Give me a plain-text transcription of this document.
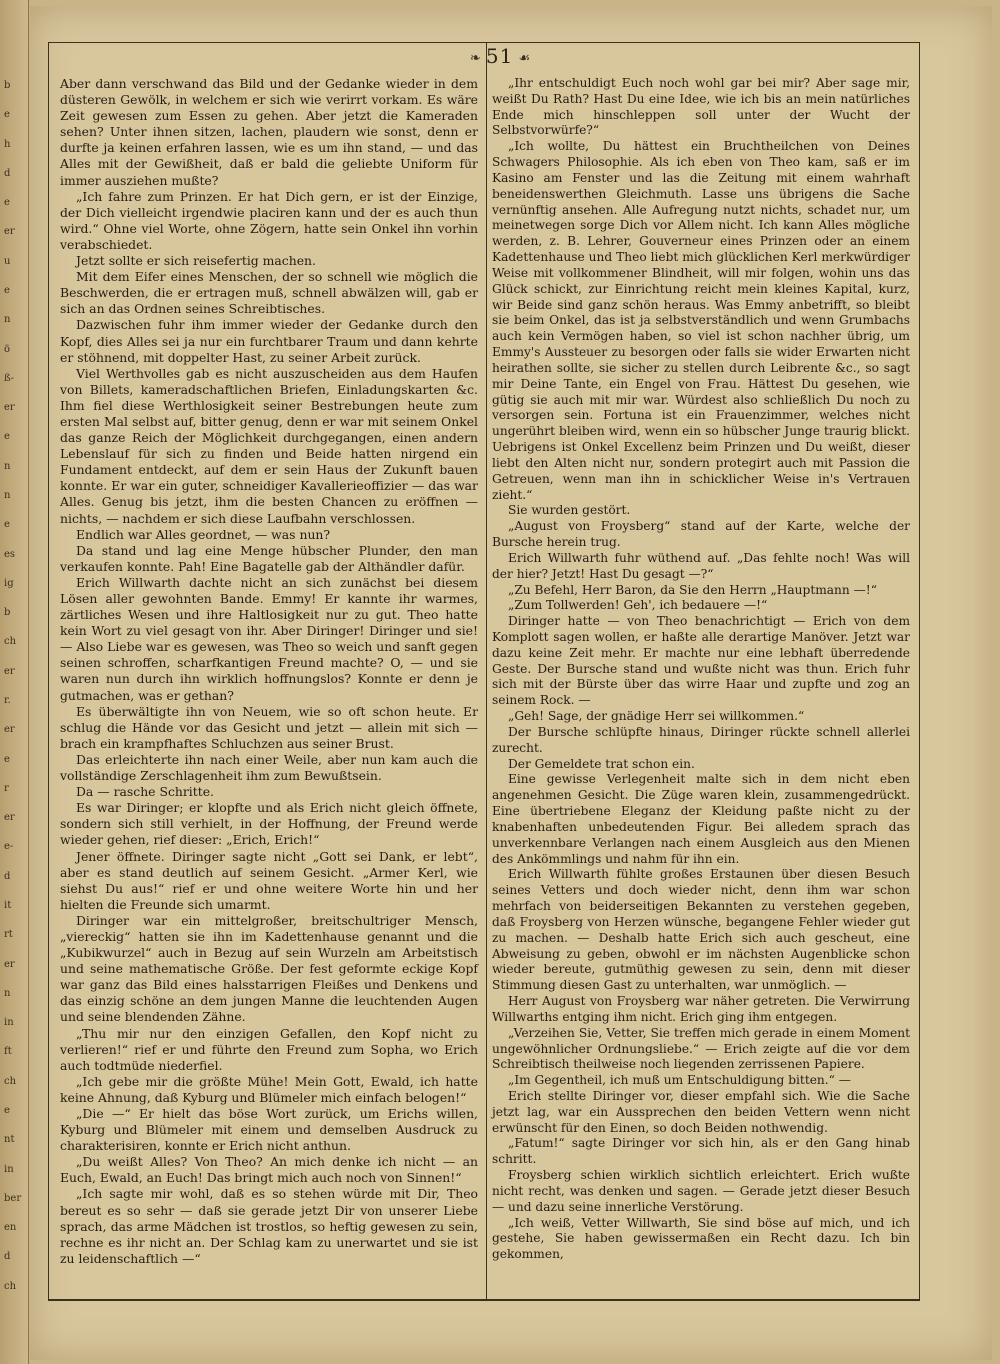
b
e
h
d
e
er
u
e
n
ö
ß-
er
e
n
n
e
es
ig
b
ch
er
r.
er
e
r
er
e-
d
it
rt
er
n
in
ft
ch
e
nt
in
ber
en
d
ch
❧ 51 ☙

Aber dann verschwand das Bild und der Gedanke wieder in dem düsteren Gewölk, in welchem er sich wie verirrt vorkam. Es wäre Zeit gewesen zum Essen zu gehen. Aber jetzt die Kameraden sehen? Unter ihnen sitzen, lachen, plaudern wie sonst, denn er durfte ja keinen erfahren lassen, wie es um ihn stand, — und das Alles mit der Gewißheit, daß er bald die geliebte Uniform für immer ausziehen mußte?

„Ich fahre zum Prinzen. Er hat Dich gern, er ist der Einzige, der Dich vielleicht irgendwie placiren kann und der es auch thun wird.“ Ohne viel Worte, ohne Zögern, hatte sein Onkel ihn vorhin verabschiedet.

Jetzt sollte er sich reisefertig machen.

Mit dem Eifer eines Menschen, der so schnell wie möglich die Beschwerden, die er ertragen muß, schnell abwälzen will, gab er sich an das Ordnen seines Schreibtisches.

Dazwischen fuhr ihm immer wieder der Gedanke durch den Kopf, dies Alles sei ja nur ein furchtbarer Traum und dann kehrte er stöhnend, mit doppelter Hast, zu seiner Arbeit zurück.

Viel Werthvolles gab es nicht auszuscheiden aus dem Haufen von Billets, kameradschaftlichen Briefen, Einladungskarten &c. Ihm fiel diese Werthlosigkeit seiner Bestrebungen heute zum ersten Mal selbst auf, bitter genug, denn er war mit seinem Onkel das ganze Reich der Möglichkeit durchgegangen, einen andern Lebenslauf für sich zu finden und Beide hatten nirgend ein Fundament entdeckt, auf dem er sein Haus der Zukunft bauen konnte. Er war ein guter, schneidiger Kavallerieoffizier — das war Alles. Genug bis jetzt, ihm die besten Chancen zu eröffnen — nichts, — nachdem er sich diese Laufbahn verschlossen.

Endlich war Alles geordnet, — was nun?

Da stand und lag eine Menge hübscher Plunder, den man verkaufen konnte. Pah! Eine Bagatelle gab der Althändler dafür.

Erich Willwarth dachte nicht an sich zunächst bei diesem Lösen aller gewohnten Bande. Emmy! Er kannte ihr warmes, zärtliches Wesen und ihre Haltlosigkeit nur zu gut. Theo hatte kein Wort zu viel gesagt von ihr. Aber Diringer! Diringer und sie! — Also Liebe war es gewesen, was Theo so weich und sanft gegen seinen schroffen, scharfkantigen Freund machte? O, — und sie waren nun durch ihn wirklich hoffnungslos? Konnte er denn je gutmachen, was er gethan?

Es überwältigte ihn von Neuem, wie so oft schon heute. Er schlug die Hände vor das Gesicht und jetzt — allein mit sich — brach ein krampfhaftes Schluchzen aus seiner Brust.

Das erleichterte ihn nach einer Weile, aber nun kam auch die vollständige Zerschlagenheit ihm zum Bewußtsein.

Da — rasche Schritte.

Es war Diringer; er klopfte und als Erich nicht gleich öffnete, sondern sich still verhielt, in der Hoffnung, der Freund werde wieder gehen, rief dieser: „Erich, Erich!“

Jener öffnete. Diringer sagte nicht „Gott sei Dank, er lebt“, aber es stand deutlich auf seinem Gesicht. „Armer Kerl, wie siehst Du aus!“ rief er und ohne weitere Worte hin und her hielten die Freunde sich umarmt.

Diringer war ein mittelgroßer, breitschultriger Mensch, „viereckig“ hatten sie ihn im Kadettenhause genannt und die „Kubikwurzel“ auch in Bezug auf sein Wurzeln am Arbeitstisch und seine mathematische Größe. Der fest geformte eckige Kopf war ganz das Bild eines halsstarrigen Fleißes und Denkens und das einzig schöne an dem jungen Manne die leuchtenden Augen und seine blendenden Zähne.

„Thu mir nur den einzigen Gefallen, den Kopf nicht zu verlieren!“ rief er und führte den Freund zum Sopha, wo Erich auch todtmüde niederfiel.

„Ich gebe mir die größte Mühe! Mein Gott, Ewald, ich hatte keine Ahnung, daß Kyburg und Blümeler mich einfach belogen!“

„Die —“ Er hielt das böse Wort zurück, um Erichs willen, Kyburg und Blümeler mit einem und demselben Ausdruck zu charakterisiren, konnte er Erich nicht anthun.

„Du weißt Alles? Von Theo? An mich denke ich nicht — an Euch, Ewald, an Euch! Das bringt mich auch noch von Sinnen!“

„Ich sagte mir wohl, daß es so stehen würde mit Dir, Theo bereut es so sehr — daß sie gerade jetzt Dir von unserer Liebe sprach, das arme Mädchen ist trostlos, so heftig gewesen zu sein, rechne es ihr nicht an. Der Schlag kam zu unerwartet und sie ist zu leidenschaftlich —“

„Ihr entschuldigt Euch noch wohl gar bei mir? Aber sage mir, weißt Du Rath? Hast Du eine Idee, wie ich bis an mein natürliches Ende mich hinschleppen soll unter der Wucht der Selbstvorwürfe?“

„Ich wollte, Du hättest ein Bruchtheilchen von Deines Schwagers Philosophie. Als ich eben von Theo kam, saß er im Kasino am Fenster und las die Zeitung mit einem wahrhaft beneidenswerthen Gleichmuth. Lasse uns übrigens die Sache vernünftig ansehen. Alle Aufregung nutzt nichts, schadet nur, um meinetwegen sorge Dich vor Allem nicht. Ich kann Alles mögliche werden, z. B. Lehrer, Gouverneur eines Prinzen oder an einem Kadettenhause und Theo liebt mich glücklichen Kerl merkwürdiger Weise mit vollkommener Blindheit, will mir folgen, wohin uns das Glück schickt, zur Einrichtung reicht mein kleines Kapital, kurz, wir Beide sind ganz schön heraus. Was Emmy anbetrifft, so bleibt sie beim Onkel, das ist ja selbstverständlich und wenn Grumbachs auch kein Vermögen haben, so viel ist schon nachher übrig, um Emmy's Aussteuer zu besorgen oder falls sie wider Erwarten nicht heirathen sollte, sie sicher zu stellen durch Leibrente &c., so sagt mir Deine Tante, ein Engel von Frau. Hättest Du gesehen, wie gütig sie auch mit mir war. Würdest also schließlich Du noch zu versorgen sein. Fortuna ist ein Frauenzimmer, welches nicht ungerührt bleiben wird, wenn ein so hübscher Junge traurig blickt. Uebrigens ist Onkel Excellenz beim Prinzen und Du weißt, dieser liebt den Alten nicht nur, sondern protegirt auch mit Passion die Getreuen, wenn man ihn in schicklicher Weise in's Vertrauen zieht.“

Sie wurden gestört.

„August von Froysberg“ stand auf der Karte, welche der Bursche herein trug.

Erich Willwarth fuhr wüthend auf. „Das fehlte noch! Was will der hier? Jetzt! Hast Du gesagt —?“

„Zu Befehl, Herr Baron, da Sie den Herrn „Hauptmann —!“

„Zum Tollwerden! Geh', ich bedauere —!“

Diringer hatte — von Theo benachrichtigt — Erich von dem Komplott sagen wollen, er haßte alle derartige Manöver. Jetzt war dazu keine Zeit mehr. Er machte nur eine lebhaft überredende Geste. Der Bursche stand und wußte nicht was thun. Erich fuhr sich mit der Bürste über das wirre Haar und zupfte und zog an seinem Rock. —

„Geh! Sage, der gnädige Herr sei willkommen.“

Der Bursche schlüpfte hinaus, Diringer rückte schnell allerlei zurecht.

Der Gemeldete trat schon ein.

Eine gewisse Verlegenheit malte sich in dem nicht eben angenehmen Gesicht. Die Züge waren klein, zusammengedrückt. Eine übertriebene Eleganz der Kleidung paßte nicht zu der knabenhaften unbedeutenden Figur. Bei alledem sprach das unverkennbare Verlangen nach einem Ausgleich aus den Mienen des Ankömmlings und nahm für ihn ein.

Erich Willwarth fühlte großes Erstaunen über diesen Besuch seines Vetters und doch wieder nicht, denn ihm war schon mehrfach von beiderseitigen Bekannten zu verstehen gegeben, daß Froysberg von Herzen wünsche, begangene Fehler wieder gut zu machen. — Deshalb hatte Erich sich auch gescheut, eine Abweisung zu geben, obwohl er im nächsten Augenblicke schon wieder bereute, gutmüthig gewesen zu sein, denn mit dieser Stimmung diesen Gast zu unterhalten, war unmöglich. —

Herr August von Froysberg war näher getreten. Die Verwirrung Willwarths entging ihm nicht. Erich ging ihm entgegen.

„Verzeihen Sie, Vetter, Sie treffen mich gerade in einem Moment ungewöhnlicher Ordnungsliebe.“ — Erich zeigte auf die vor dem Schreibtisch theilweise noch liegenden zerrissenen Papiere.

„Im Gegentheil, ich muß um Entschuldigung bitten.“ —

Erich stellte Diringer vor, dieser empfahl sich. Wie die Sache jetzt lag, war ein Aussprechen den beiden Vettern wenn nicht erwünscht für den Einen, so doch Beiden nothwendig.

„Fatum!“ sagte Diringer vor sich hin, als er den Gang hinab schritt.

Froysberg schien wirklich sichtlich erleichtert. Erich wußte nicht recht, was denken und sagen. — Gerade jetzt dieser Besuch — und dazu seine innerliche Verstörung.

„Ich weiß, Vetter Willwarth, Sie sind böse auf mich, und ich gestehe, Sie haben gewissermaßen ein Recht dazu. Ich bin gekommen,
